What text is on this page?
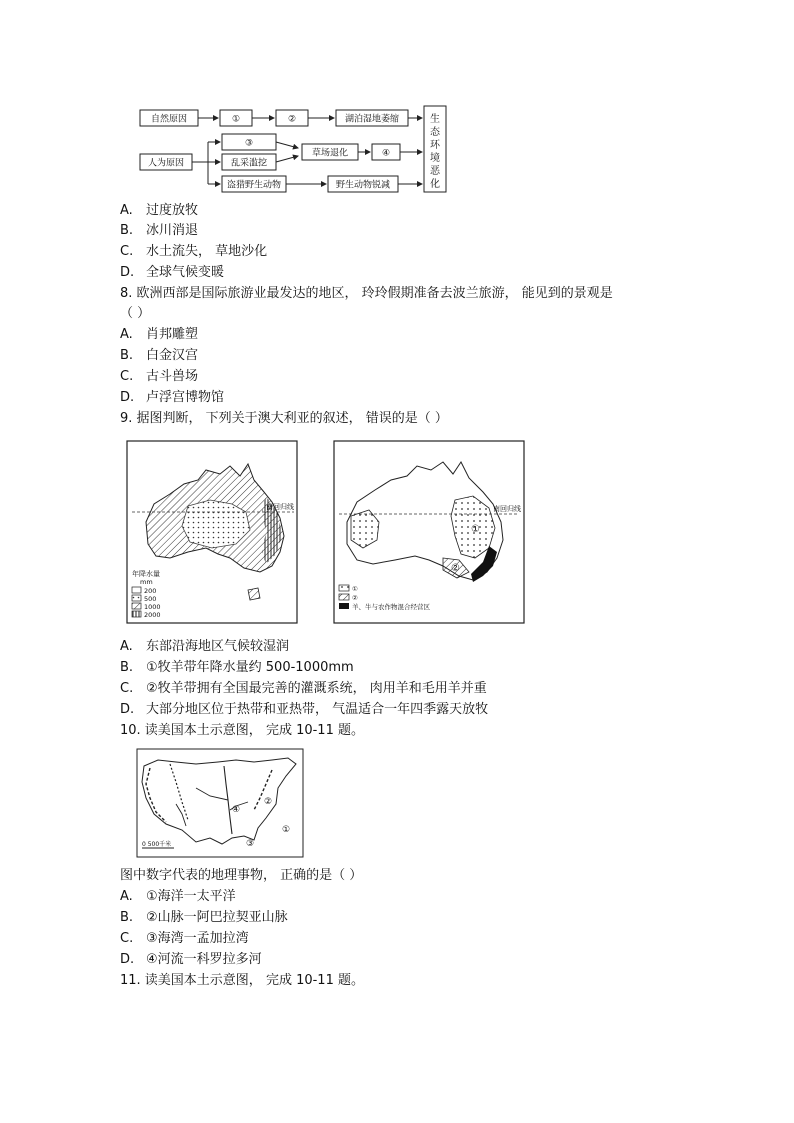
自然原因	①	②	湖泊湿地萎缩
人为原因
③
乱采滥挖
盗猎野生动物
草场退化	④
野生动物锐减
生
态
环
境
恶
化
A. 过度放牧
B. 冰川消退
C. 水土流失， 草地沙化
D. 全球气候变暖
8. 欧洲西部是国际旅游业最发达的地区， 玲玲假期准备去波兰旅游， 能见到的景观是
（ ）
A. 肖邦雕塑
B. 白金汉宫
C. 古斗兽场
D. 卢浮宫博物馆
9. 据图判断， 下列关于澳大利亚的叙述， 错误的是（ ）
南回归线
年降水量
mm
200
500
1000
2000
南回归线
①
②
①
②
羊、牛与农作物混合经营区
A. 东部沿海地区气候较湿润
B. ①牧羊带年降水量约 500-1000mm
C. ②牧羊带拥有全国最完善的灌溉系统， 肉用羊和毛用羊并重
D. 大部分地区位于热带和亚热带， 气温适合一年四季露天放牧
10. 读美国本土示意图， 完成 10-11 题。
①
②
③
④
0 500千米
图中数字代表的地理事物， 正确的是（ ）
A. ①海洋一太平洋
B. ②山脉一阿巴拉契亚山脉
C. ③海湾一孟加拉湾
D. ④河流一科罗拉多河
11. 读美国本土示意图， 完成 10-11 题。
